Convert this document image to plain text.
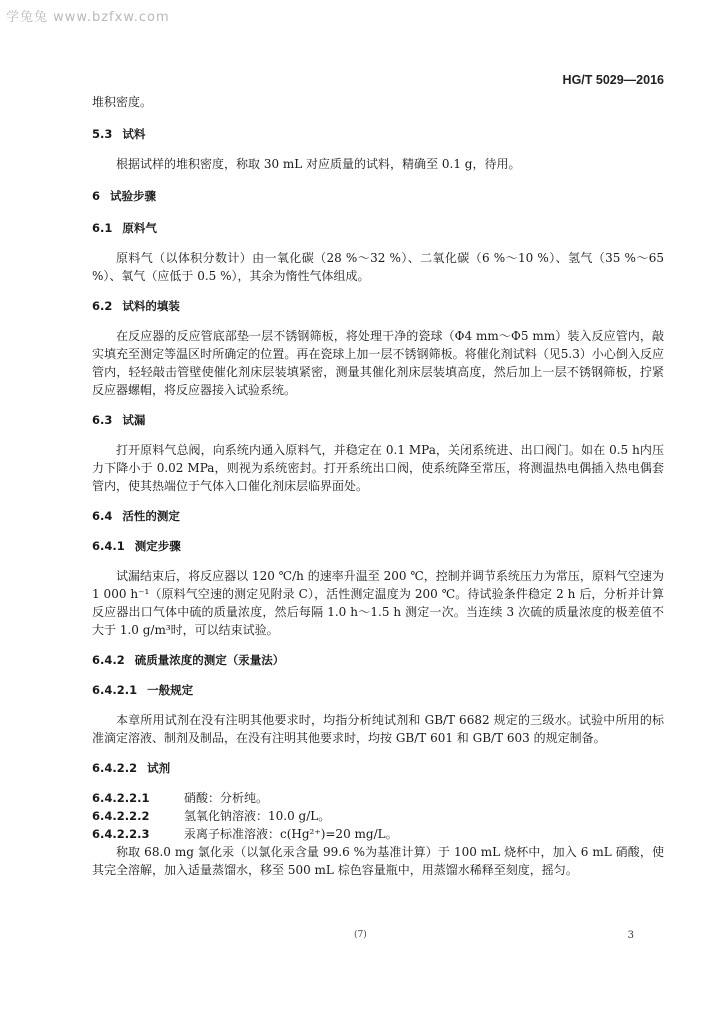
学兔兔 www.bzfxw.com
HG/T 5029—2016

堆积密度。

5.3 试料

根据试样的堆积密度，称取 30 mL 对应质量的试料，精确至 0.1 g，待用。

6 试验步骤

6.1 原料气

原料气（以体积分数计）由一氧化碳（28 %～32 %）、二氧化碳（6 %～10 %）、氢气（35 %～65 %）、氧气（应低于 0.5 %），其余为惰性气体组成。

6.2 试料的填装

在反应器的反应管底部垫一层不锈钢筛板，将处理干净的瓷球（Φ4 mm～Φ5 mm）装入反应管内，敲实填充至测定等温区时所确定的位置。再在瓷球上加一层不锈钢筛板。将催化剂试料（见5.3）小心倒入反应管内，轻轻敲击管壁使催化剂床层装填紧密，测量其催化剂床层装填高度，然后加上一层不锈钢筛板，拧紧反应器螺帽，将反应器接入试验系统。

6.3 试漏

打开原料气总阀，向系统内通入原料气，并稳定在 0.1 MPa，关闭系统进、出口阀门。如在 0.5 h内压力下降小于 0.02 MPa，则视为系统密封。打开系统出口阀，使系统降至常压，将测温热电偶插入热电偶套管内，使其热端位于气体入口催化剂床层临界面处。

6.4 活性的测定

6.4.1 测定步骤

试漏结束后，将反应器以 120 ℃/h 的速率升温至 200 ℃，控制并调节系统压力为常压，原料气空速为 1 000 h⁻¹（原料气空速的测定见附录 C），活性测定温度为 200 ℃。待试验条件稳定 2 h 后，分析并计算反应器出口气体中硫的质量浓度，然后每隔 1.0 h～1.5 h 测定一次。当连续 3 次硫的质量浓度的极差值不大于 1.0 g/m³时，可以结束试验。

6.4.2 硫质量浓度的测定（汞量法）

6.4.2.1 一般规定

本章所用试剂在没有注明其他要求时，均指分析纯试剂和 GB/T 6682 规定的三级水。试验中所用的标准滴定溶液、制剂及制品，在没有注明其他要求时，均按 GB/T 601 和 GB/T 603 的规定制备。

6.4.2.2 试剂

6.4.2.2.1	硝酸：分析纯。

6.4.2.2.2	氢氧化钠溶液：10.0 g/L。

6.4.2.2.3	汞离子标准溶液：c(Hg²⁺)=20 mg/L。

称取 68.0 mg 氯化汞（以氯化汞含量 99.6 %为基准计算）于 100 mL 烧杯中，加入 6 mL 硝酸，使其完全溶解，加入适量蒸馏水，移至 500 mL 棕色容量瓶中，用蒸馏水稀释至刻度，摇匀。

(7)	3
